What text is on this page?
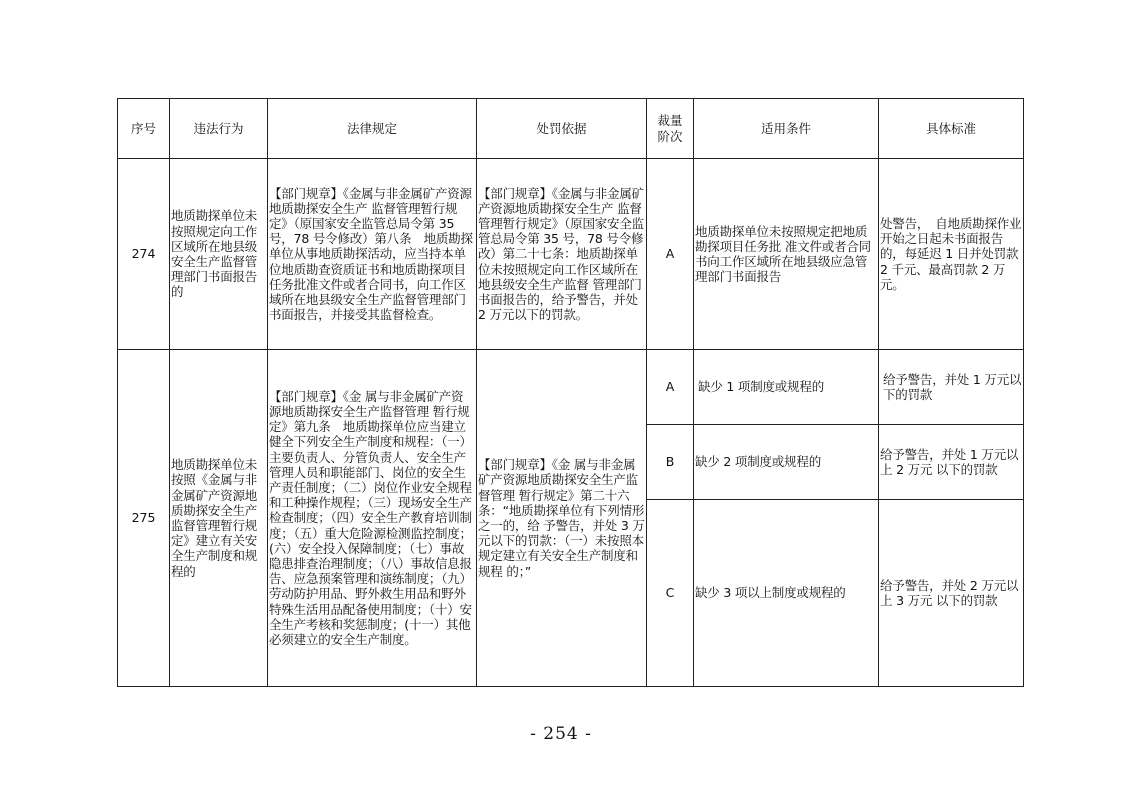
序号	违法行为	法律规定	处罚依据	裁量阶次	适用条件	具体标准
274	地质勘探单位未按照规定向工作区域所在地县级安全生产监督管理部门书面报告的	【部门规章】《金属与非金属矿产资源地质勘探安全生产 监督管理暂行规定》（原国家安全监管总局令第 35 号，78 号令修改）第八条　地质勘探单位从事地质勘探活动，应当持本单位地质勘查资质证书和地质勘探项目任务批准文件或者合同书，向工作区域所在地县级安全生产监督管理部门书面报告，并接受其监督检查。	【部门规章】《金属与非金属矿产资源地质勘探安全生产 监督管理暂行规定》（原国家安全监管总局令第 35 号，78 号令修改）第二十七条：地质勘探单位未按照规定向工作区域所在地县级安全生产监督 管理部门书面报告的，给予警告，并处 2 万元以下的罚款。	A	地质勘探单位未按照规定把地质勘探项目任务批 准文件或者合同书向工作区域所在地县级应急管理部门书面报告	处警告，　自地质勘探作业开始之日起未书面报告的，每延迟 1 日并处罚款 2 千元、最高罚款 2 万元。
275	地质勘探单位未按照《金属与非金属矿产资源地质勘探安全生产监督管理暂行规定》建立有关安全生产制度和规程的	【部门规章】《金 属与非金属矿产资源地质勘探安全生产监督管理 暂行规定》第九条　地质勘探单位应当建立健全下列安全生产制度和规程：（一）主要负责人、分管负责人、安全生产管理人员和职能部门、岗位的安全生产责任制度；（二）岗位作业安全规程和工种操作规程；（三）现场安全生产检查制度；（四）安全生产教育培训制度；（五）重大危险源检测监控制度；(六）安全投入保障制度；（七）事故隐患排查治理制度；（八）事故信息报告、应急预案管理和演练制度；（九）劳动防护用品、野外救生用品和野外特殊生活用品配备使用制度；（十）安全生产考核和奖惩制度；(十一）其他必须建立的安全生产制度。	【部门规章】《金 属与非金属矿产资源地质勘探安全生产监督管理 暂行规定》第二十六条：“地质勘探单位有下列情形之一的，给 予警告，并处 3 万元以下的罚款：（一）未按照本规定建立有关安全生产制度和规程 的；”	A	缺少 1 项制度或规程的	给予警告，并处 1 万元以下的罚款
				B	缺少 2 项制度或规程的	给予警告，并处 1 万元以上 2 万元 以下的罚款
				C	缺少 3 项以上制度或规程的	给予警告，并处 2 万元以上 3 万元 以下的罚款
- 254 -
